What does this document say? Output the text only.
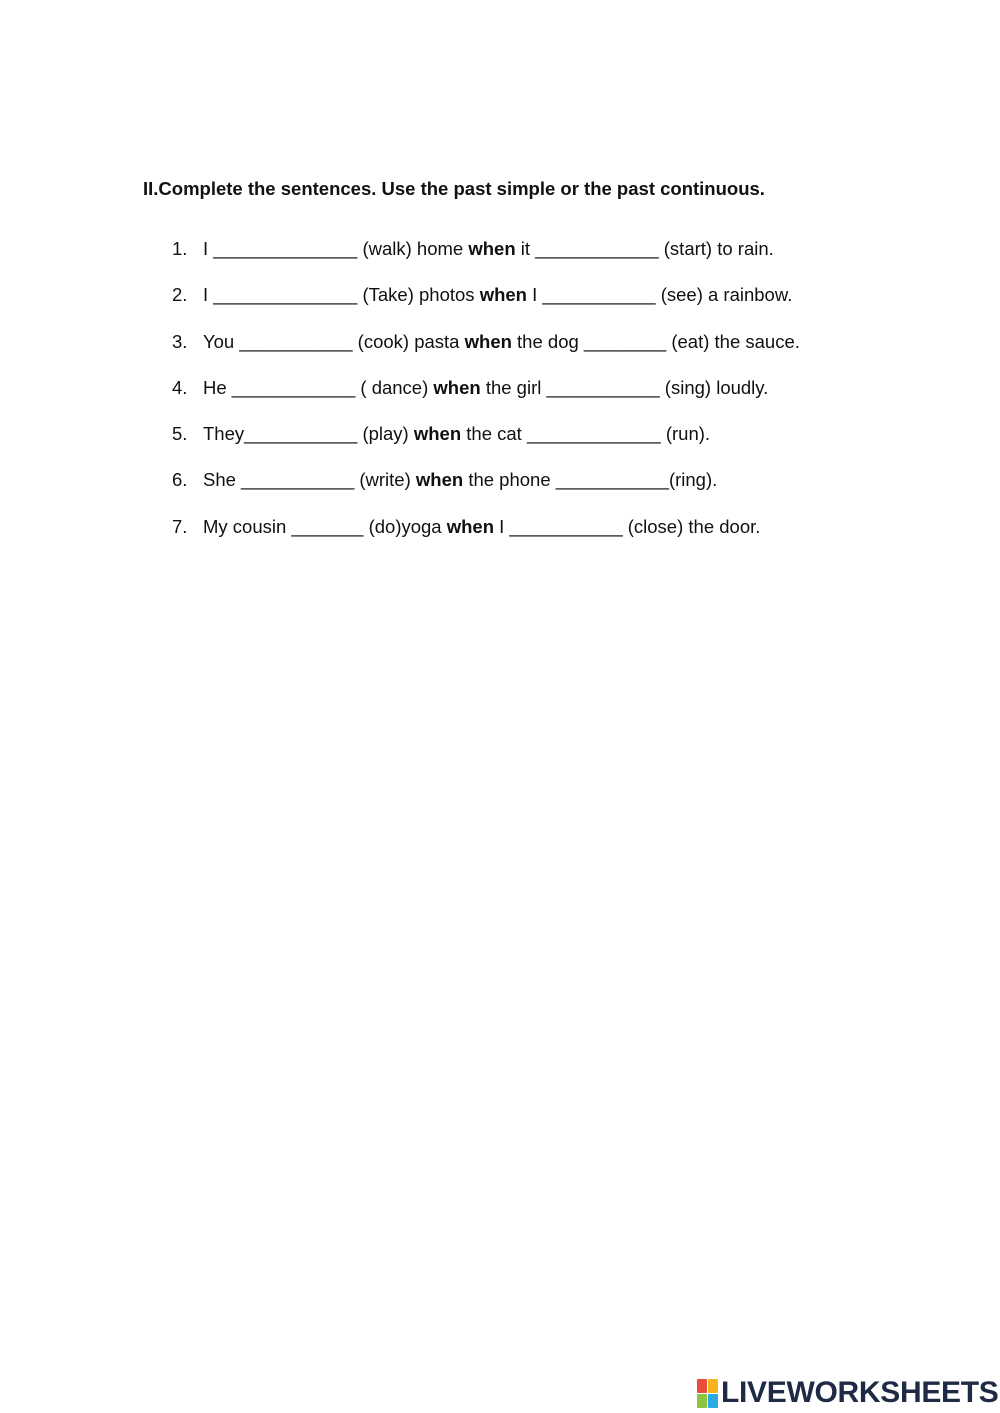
II.Complete the sentences. Use the past simple or the past continuous.

1. I ______________ (walk) home when it ____________ (start) to rain.
2. I ______________ (Take) photos when I ___________ (see) a rainbow.
3. You ___________ (cook) pasta when the dog ________ (eat) the sauce.
4. He ____________ ( dance) when the girl ___________ (sing) loudly.
5. They___________ (play) when the cat _____________ (run).
6. She ___________ (write) when the phone ___________(ring).
7. My cousin _______ (do)yoga when I ___________ (close) the door.
LIVEWORKSHEETS
